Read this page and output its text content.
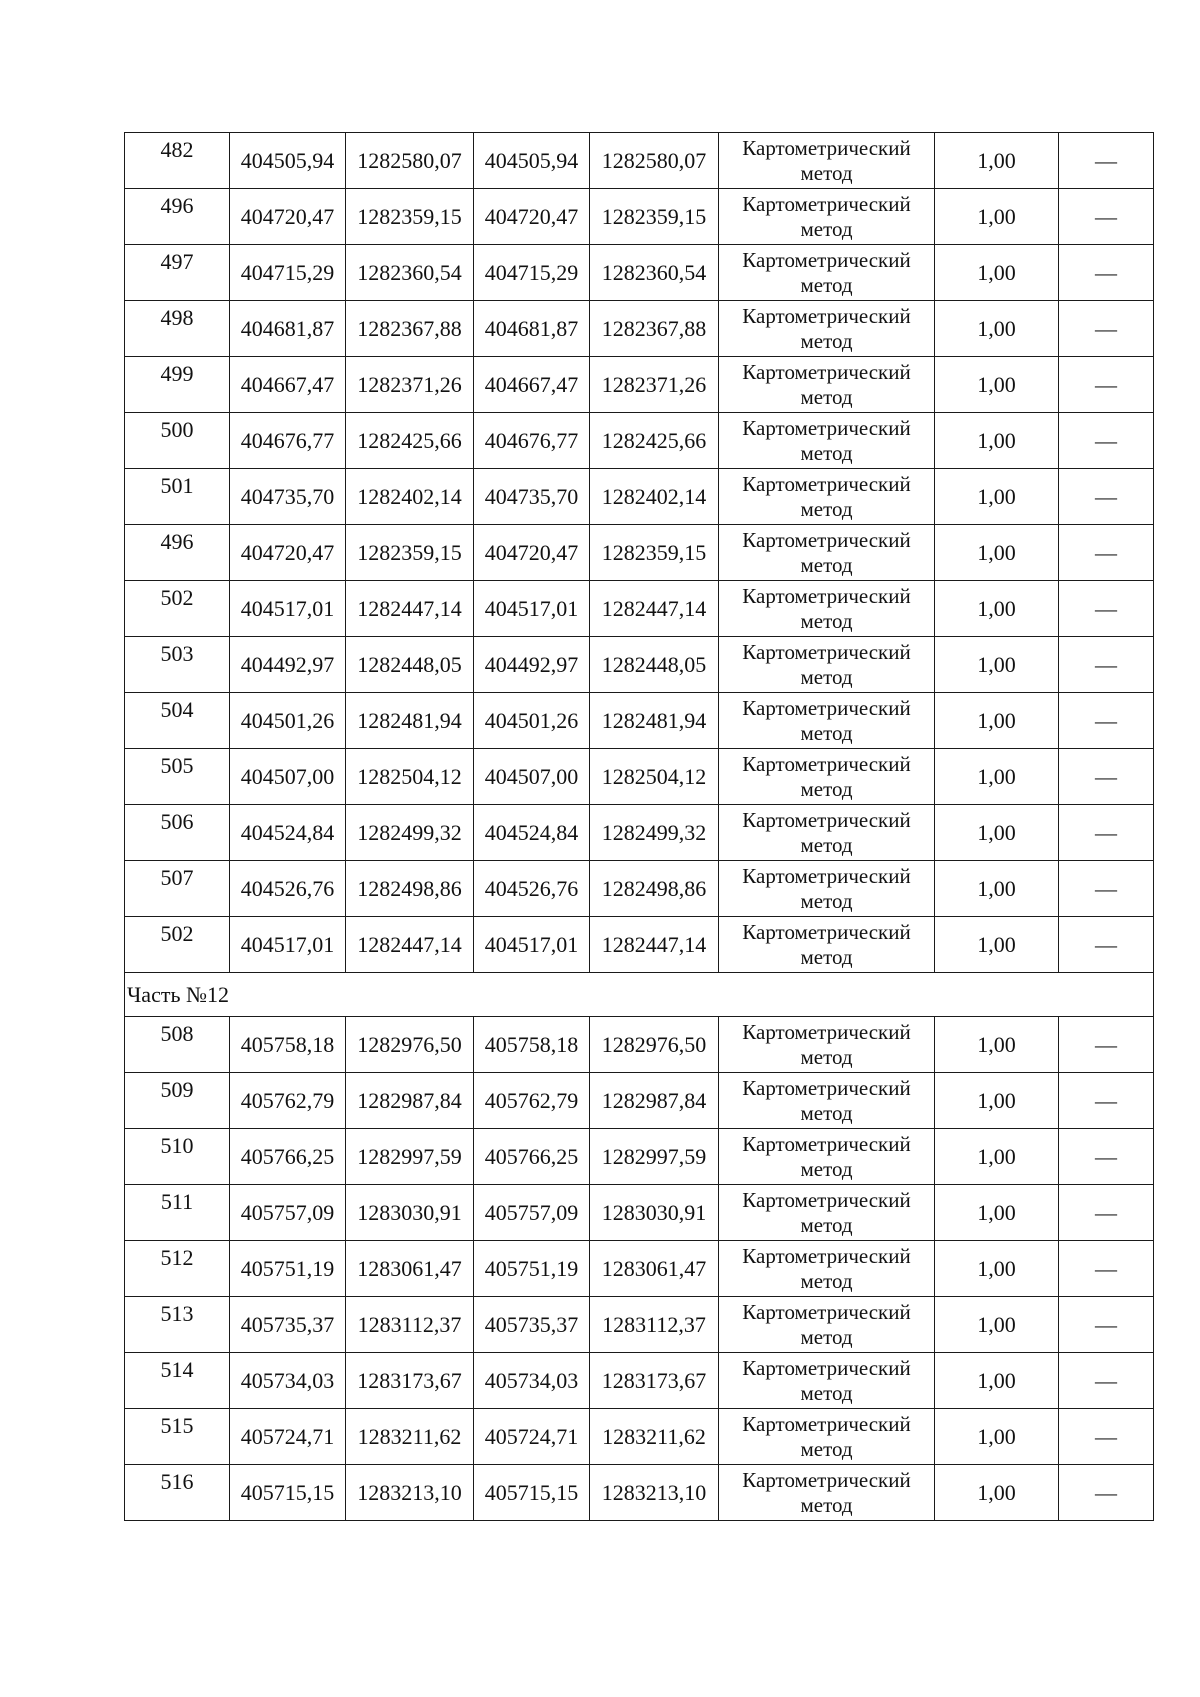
482	404505,94	1282580,07	404505,94	1282580,07	Картометрический
метод	1,00	—
496	404720,47	1282359,15	404720,47	1282359,15	Картометрический
метод	1,00	—
497	404715,29	1282360,54	404715,29	1282360,54	Картометрический
метод	1,00	—
498	404681,87	1282367,88	404681,87	1282367,88	Картометрический
метод	1,00	—
499	404667,47	1282371,26	404667,47	1282371,26	Картометрический
метод	1,00	—
500	404676,77	1282425,66	404676,77	1282425,66	Картометрический
метод	1,00	—
501	404735,70	1282402,14	404735,70	1282402,14	Картометрический
метод	1,00	—
496	404720,47	1282359,15	404720,47	1282359,15	Картометрический
метод	1,00	—
502	404517,01	1282447,14	404517,01	1282447,14	Картометрический
метод	1,00	—
503	404492,97	1282448,05	404492,97	1282448,05	Картометрический
метод	1,00	—
504	404501,26	1282481,94	404501,26	1282481,94	Картометрический
метод	1,00	—
505	404507,00	1282504,12	404507,00	1282504,12	Картометрический
метод	1,00	—
506	404524,84	1282499,32	404524,84	1282499,32	Картометрический
метод	1,00	—
507	404526,76	1282498,86	404526,76	1282498,86	Картометрический
метод	1,00	—
502	404517,01	1282447,14	404517,01	1282447,14	Картометрический
метод	1,00	—
Часть №12							
508	405758,18	1282976,50	405758,18	1282976,50	Картометрический
метод	1,00	—
509	405762,79	1282987,84	405762,79	1282987,84	Картометрический
метод	1,00	—
510	405766,25	1282997,59	405766,25	1282997,59	Картометрический
метод	1,00	—
511	405757,09	1283030,91	405757,09	1283030,91	Картометрический
метод	1,00	—
512	405751,19	1283061,47	405751,19	1283061,47	Картометрический
метод	1,00	—
513	405735,37	1283112,37	405735,37	1283112,37	Картометрический
метод	1,00	—
514	405734,03	1283173,67	405734,03	1283173,67	Картометрический
метод	1,00	—
515	405724,71	1283211,62	405724,71	1283211,62	Картометрический
метод	1,00	—
516	405715,15	1283213,10	405715,15	1283213,10	Картометрический
метод	1,00	—
